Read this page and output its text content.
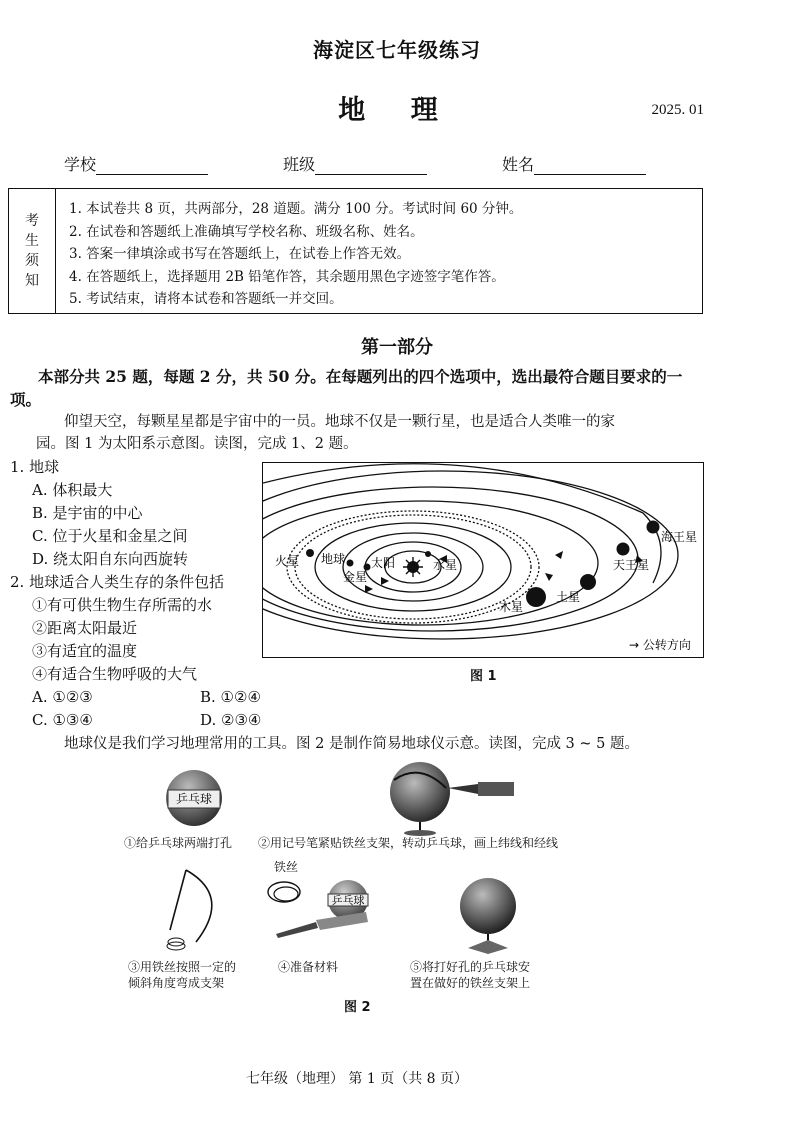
海淀区七年级练习
地 理	2025. 01
学校	班级	姓名
考
生
须
知
1. 本试卷共 8 页，共两部分，28 道题。满分 100 分。考试时间 60 分钟。
2. 在试卷和答题纸上准确填写学校名称、班级名称、姓名。
3. 答案一律填涂或书写在答题纸上，在试卷上作答无效。
4. 在答题纸上，选择题用 2B 铅笔作答，其余题用黑色字迹签字笔作答。
5. 考试结束，请将本试卷和答题纸一并交回。
第一部分
本部分共 25 题，每题 2 分，共 50 分。在每题列出的四个选项中，选出最符合题目要求的一项。
仰望天空，每颗星星都是宇宙中的一员。地球不仅是一颗行星，也是适合人类唯一的家
园。图 1 为太阳系示意图。读图，完成 1、2 题。
1. 地球
A. 体积最大
B. 是宇宙的中心
C. 位于火星和金星之间
D. 绕太阳自东向西旋转
2. 地球适合人类生存的条件包括
①有可供生物生存所需的水
②距离太阳最近
③有适宜的温度
④有适合生物呼吸的大气
A. ①②③	B. ①②④
C. ①③④	D. ②③④
太阳	水星
金星
地球
火星
木星
土星
天王星
海王星
→ 公转方向
图 1
地球仪是我们学习地理常用的工具。图 2 是制作简易地球仪示意。读图，完成 3 ~ 5 题。
乒乓球
①给乒乓球两端打孔 ②用记号笔紧贴铁丝支架，转动乒乓球，画上纬线和经线
③用铁丝按照一定的
倾斜角度弯成支架
铁丝
乒乓球
④准备材料	⑤将打好孔的乒乓球安
置在做好的铁丝支架上
图 2
七年级（地理） 第 1 页（共 8 页）
